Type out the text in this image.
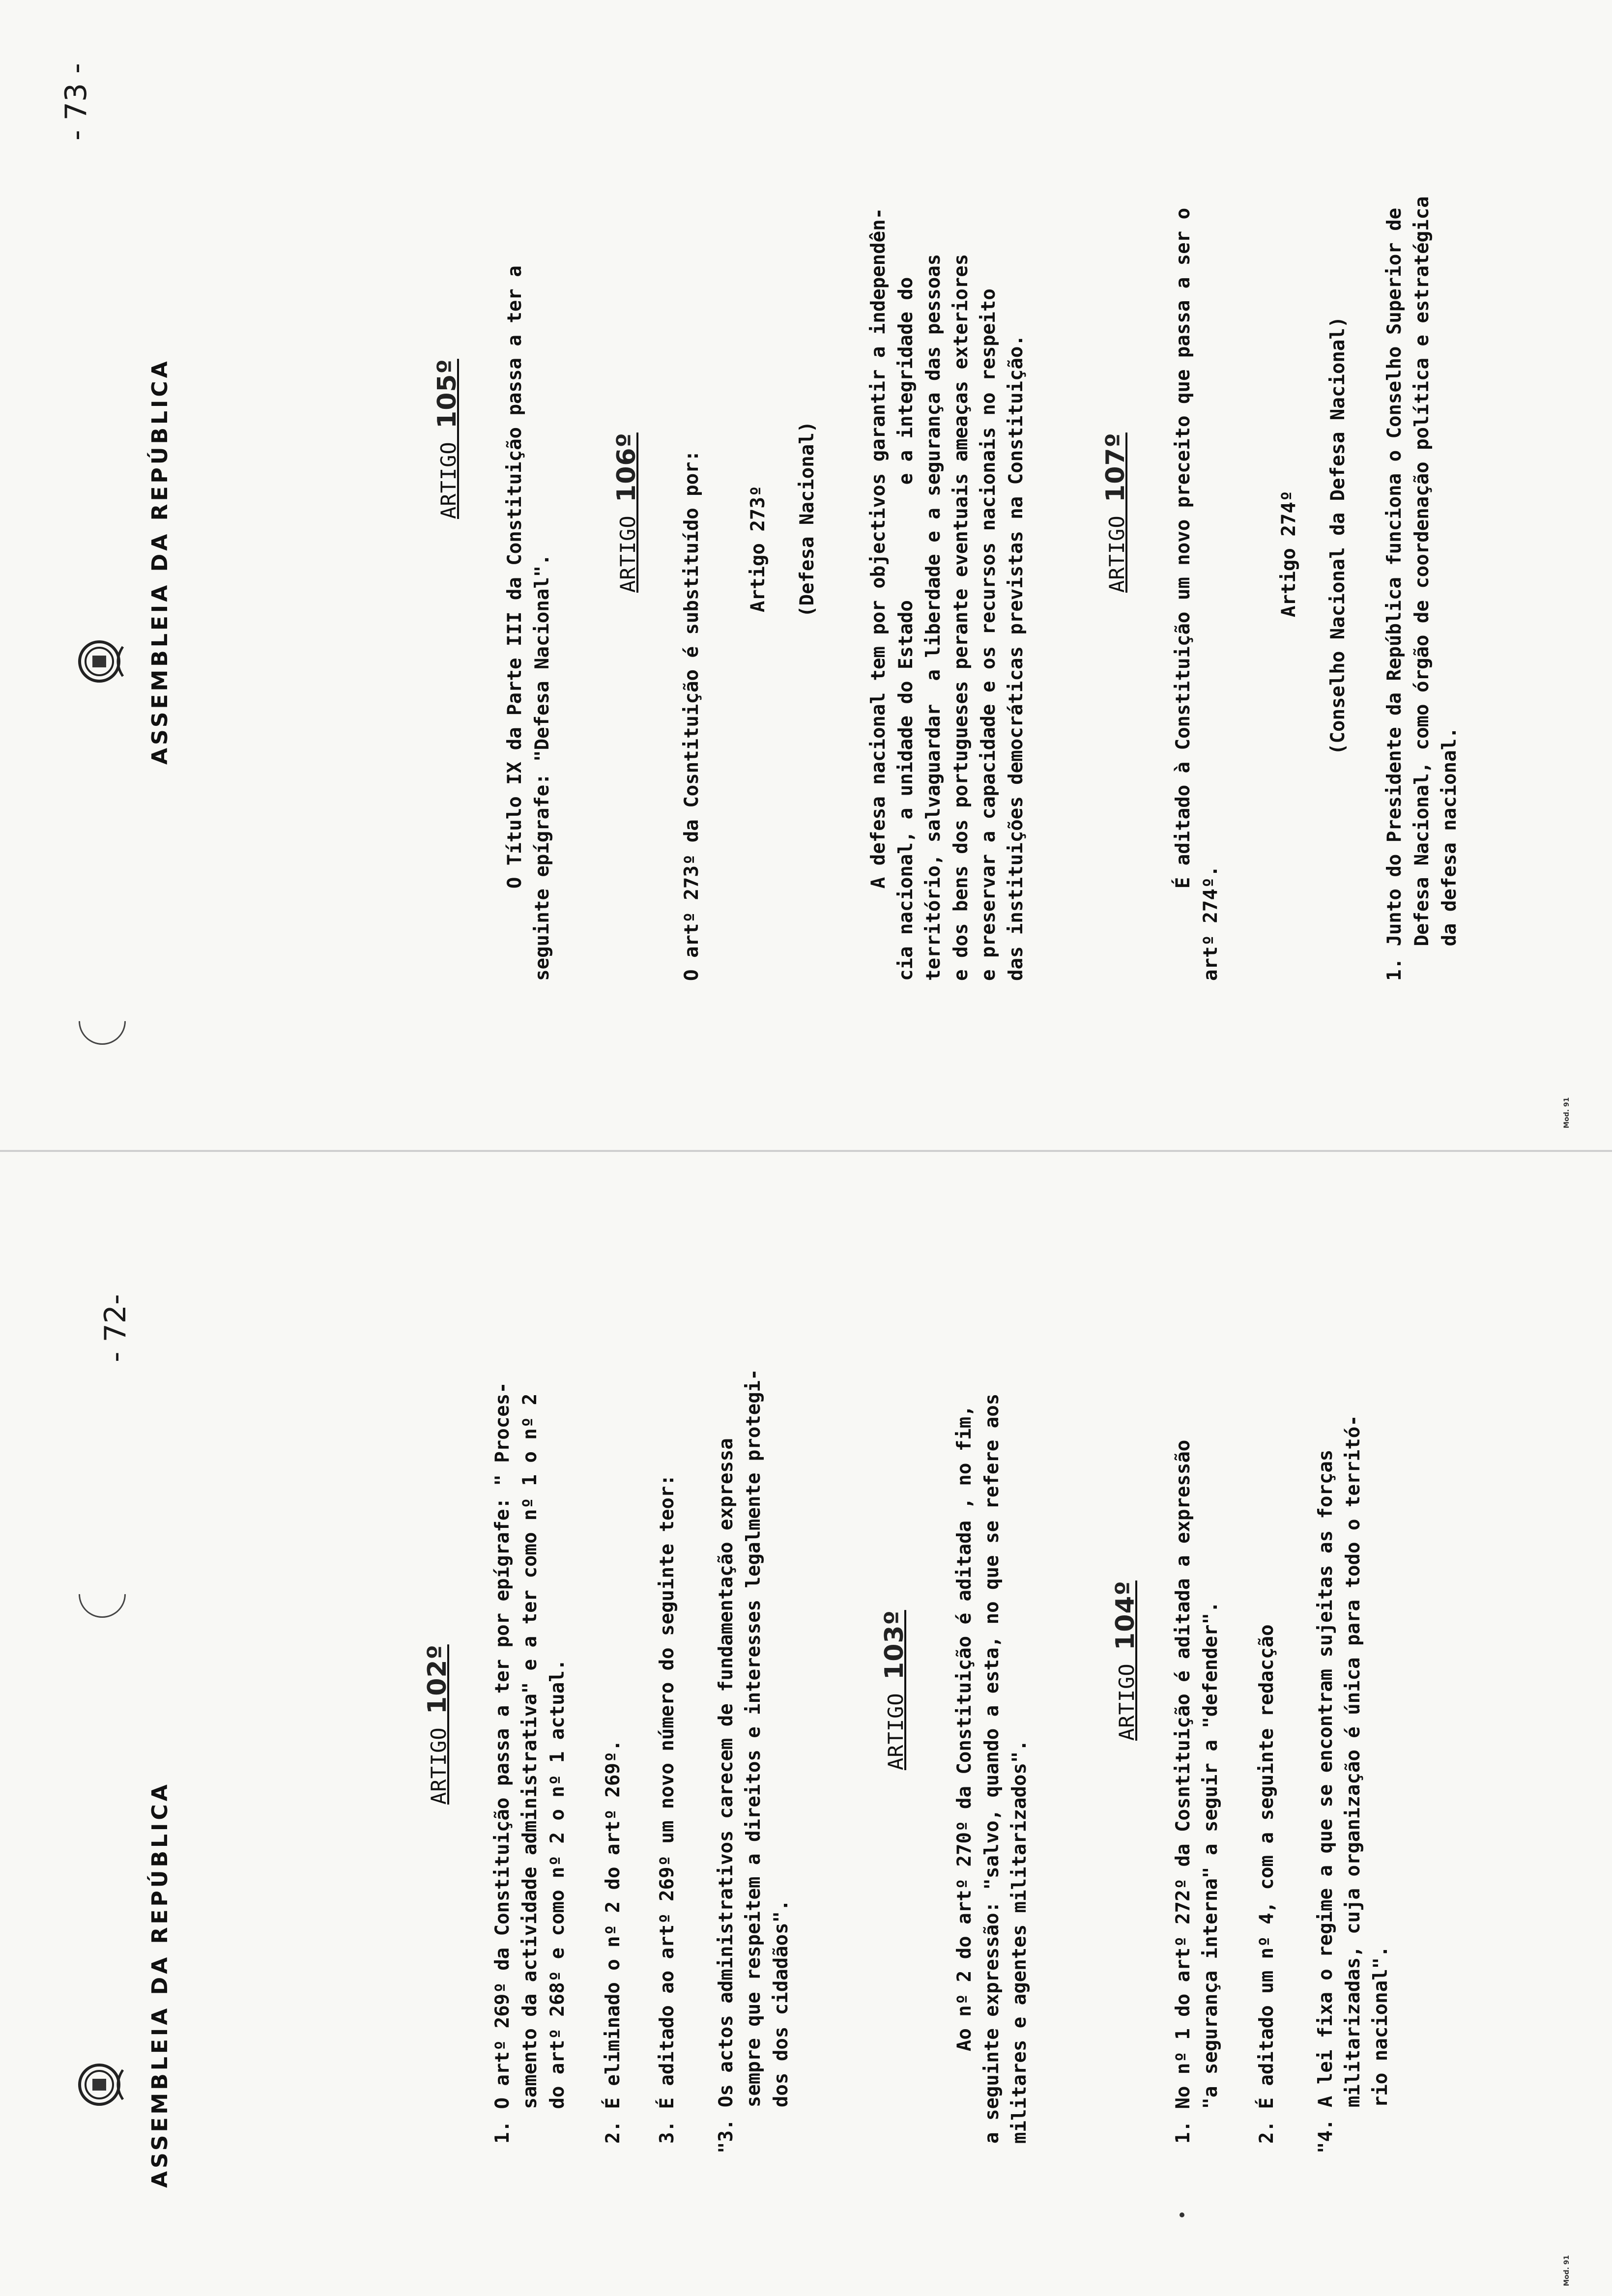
ASSEMBLEIA DA REPÚBLICA
- 72-
ARTIGO 102º
1. O artº 269º da Constituição passa a ter por epígrafe: " Proces-
samento da actividade administrativa" e a ter como nº 1 o nº 2
do artº 268º e como nº 2 o nº 1 actual.
2. É eliminado o nº 2 do artº 269º. 3. É aditado ao artº 269º um novo número do seguinte teor: "3. Os actos administrativos carecem de fundamentação expressa
sempre que respeitem a direitos e interesses legalmente protegi-
dos dos cidadãos".
ARTIGO 103º
Ao nº 2 do artº 270º da Constituição é aditada , no fim,
a seguinte expressão: "salvo, quando a esta, no que se refere aos
militares e agentes militarizados".
ARTIGO 104º
1. No nº 1 do artº 272º da Cosntituição é aditada a expressão
"a segurança interna" a seguir a "defender". 2. É aditado um nº 4, com a seguinte redacção "4. A lei fixa o regime a que se encontram sujeitas as forças
militarizadas, cuja organização é única para todo o territó-
rio nacional".
Mod. 91
ASSEMBLEIA DA REPÚBLICA
- 73 -
ARTIGO 105º
O Título IX da Parte III da Constituição passa a ter a
seguinte epígrafe: "Defesa Nacional".
ARTIGO 106º O artº 273º da Cosntituição é substituído por: Artigo 273º (Defesa Nacional)
A defesa nacional tem por objectivos garantir a independên-
cia nacional, a unidade do Estado          e a integridade do
território, salvaguardar  a liberdade e a segurança das pessoas
e dos bens dos portugueses perante eventuais ameaças exteriores
e preservar a capacidade e os recursos nacionais no respeito
das instituições democráticas previstas na Constituição.
ARTIGO 107º
É aditado à Constituição um novo preceito que passa a ser o
artº 274º.
Artigo 274º (Conselho Nacional da Defesa Nacional)
1. Junto do Presidente da República funciona o Conselho Superior de
Defesa Nacional, como órgão de coordenação política e estratégica
da defesa nacional.
Mod. 91
